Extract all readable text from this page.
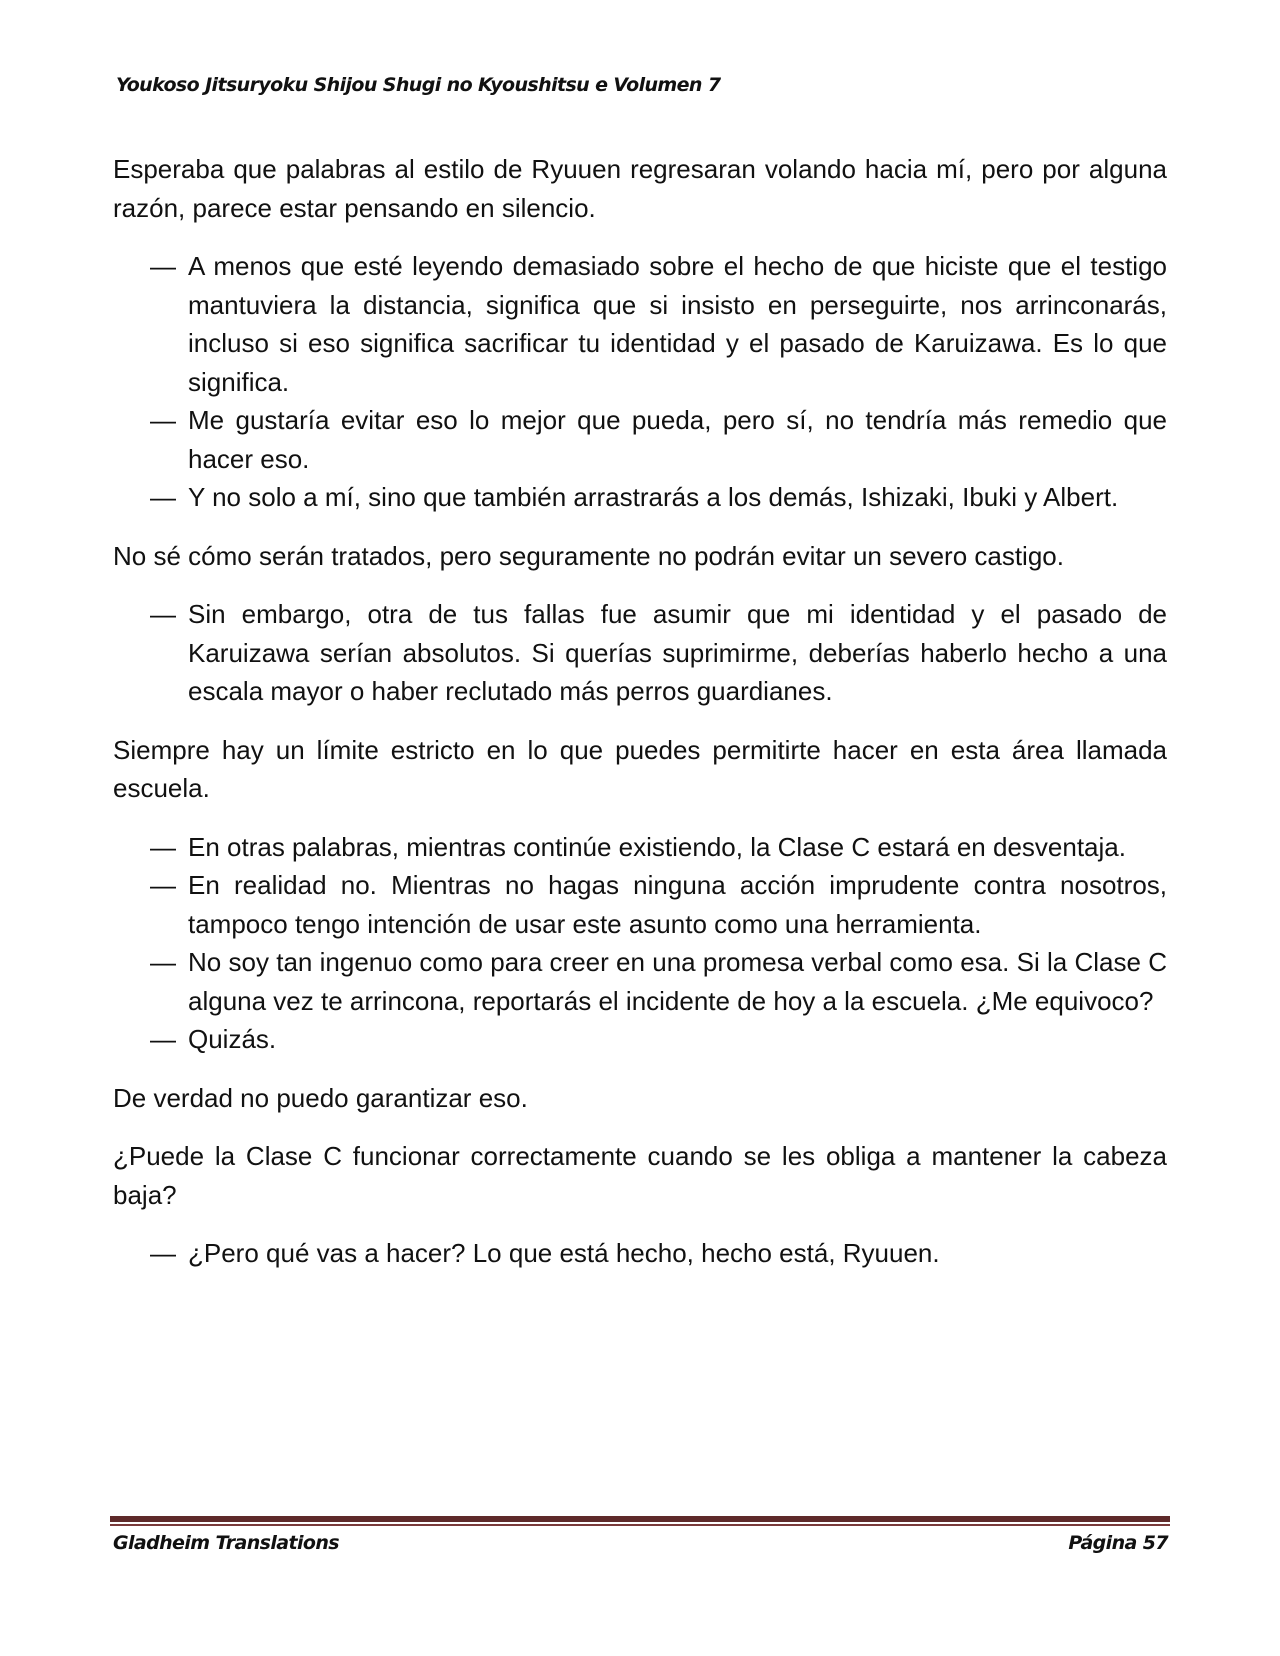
Youkoso Jitsuryoku Shijou Shugi no Kyoushitsu e Volumen 7

Esperaba que palabras al estilo de Ryuuen regresaran volando hacia mí, pero por alguna razón, parece estar pensando en silencio.

— A menos que esté leyendo demasiado sobre el hecho de que hiciste que el testigo mantuviera la distancia, significa que si insisto en perseguirte, nos arrinconarás, incluso si eso significa sacrificar tu identidad y el pasado de Karuizawa. Es lo que significa.

— Me gustaría evitar eso lo mejor que pueda, pero sí, no tendría más remedio que hacer eso.

— Y no solo a mí, sino que también arrastrarás a los demás, Ishizaki, Ibuki y Albert.

No sé cómo serán tratados, pero seguramente no podrán evitar un severo castigo.

— Sin embargo, otra de tus fallas fue asumir que mi identidad y el pasado de Karuizawa serían absolutos. Si querías suprimirme, deberías haberlo hecho a una escala mayor o haber reclutado más perros guardianes.

Siempre hay un límite estricto en lo que puedes permitirte hacer en esta área llamada escuela.

— En otras palabras, mientras continúe existiendo, la Clase C estará en desventaja.

— En realidad no. Mientras no hagas ninguna acción imprudente contra nosotros, tampoco tengo intención de usar este asunto como una herramienta.

— No soy tan ingenuo como para creer en una promesa verbal como esa. Si la Clase C alguna vez te arrincona, reportarás el incidente de hoy a la escuela. ¿Me equivoco?

— Quizás.

De verdad no puedo garantizar eso.

¿Puede la Clase C funcionar correctamente cuando se les obliga a mantener la cabeza baja?

— ¿Pero qué vas a hacer? Lo que está hecho, hecho está, Ryuuen.

Gladheim Translations	Página 57
